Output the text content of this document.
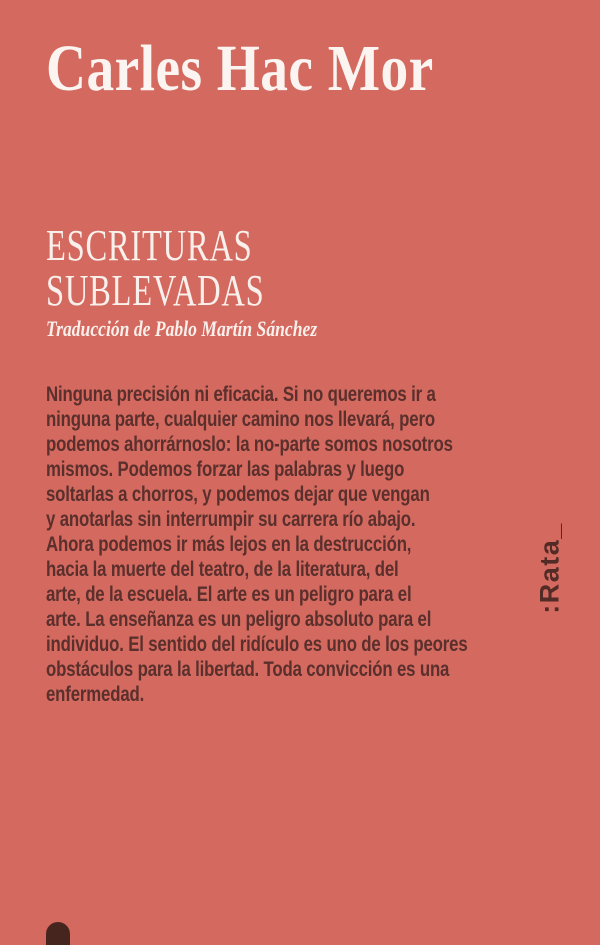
Carles Hac Mor
ESCRITURAS
SUBLEVADAS
Traducción de Pablo Martín Sánchez
Ninguna precisión ni eficacia. Si no queremos ir a
ninguna parte, cualquier camino nos llevará, pero
podemos ahorrárnoslo: la no-parte somos nosotros
mismos. Podemos forzar las palabras y luego
soltarlas a chorros, y podemos dejar que vengan
y anotarlas sin interrumpir su carrera río abajo.
Ahora podemos ir más lejos en la destrucción,
hacia la muerte del teatro, de la literatura, del
arte, de la escuela. El arte es un peligro para el
arte. La enseñanza es un peligro absoluto para el
individuo. El sentido del ridículo es uno de los peores
obstáculos para la libertad. Toda convicción es una
enfermedad.
:Rata_
